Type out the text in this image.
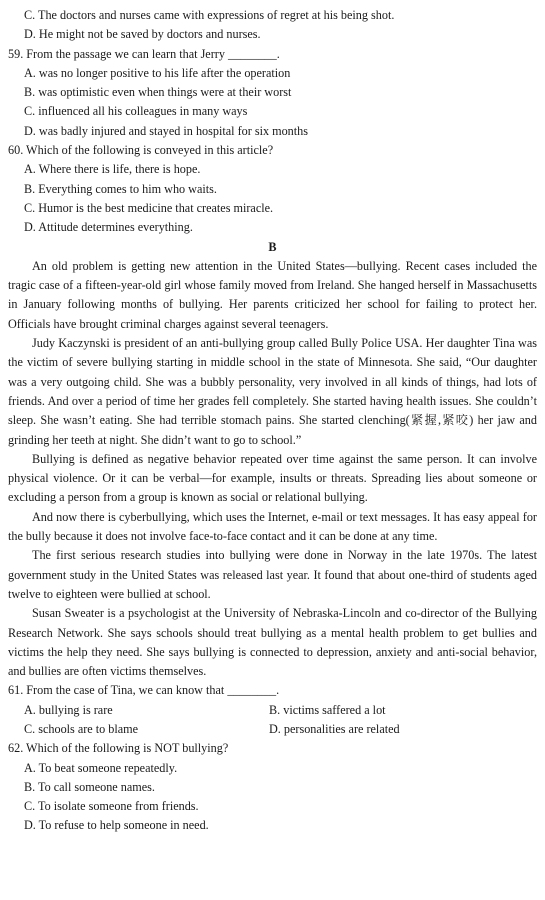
C. The doctors and nurses came with expressions of regret at his being shot.
D. He might not be saved by doctors and nurses.
59. From the passage we can learn that Jerry ________.
A. was no longer positive to his life after the operation
B. was optimistic even when things were at their worst
C. influenced all his colleagues in many ways
D. was badly injured and stayed in hospital for six months
60. Which of the following is conveyed in this article?
A. Where there is life, there is hope.
B. Everything comes to him who waits.
C. Humor is the best medicine that creates miracle.
D. Attitude determines everything.
B

An old problem is getting new attention in the United States—bullying. Recent cases included the tragic case of a fifteen-year-old girl whose family moved from Ireland. She hanged herself in Massachusetts in January following months of bullying. Her parents criticized her school for failing to protect her. Officials have brought criminal charges against several teenagers.

Judy Kaczynski is president of an anti-bullying group called Bully Police USA. Her daughter Tina was the victim of severe bullying starting in middle school in the state of Minnesota. She said, “Our daughter was a very outgoing child. She was a bubbly personality, very involved in all kinds of things, had lots of friends. And over a period of time her grades fell completely. She started having health issues. She couldn’t sleep. She wasn’t eating. She had terrible stomach pains. She started clenching(紧握,紧咬) her jaw and grinding her teeth at night. She didn’t want to go to school.”

Bullying is defined as negative behavior repeated over time against the same person. It can involve physical violence. Or it can be verbal—for example, insults or threats. Spreading lies about someone or excluding a person from a group is known as social or relational bullying.

And now there is cyberbullying, which uses the Internet, e-mail or text messages. It has easy appeal for the bully because it does not involve face-to-face contact and it can be done at any time.

The first serious research studies into bullying were done in Norway in the late 1970s. The latest government study in the United States was released last year. It found that about one-third of students aged twelve to eighteen were bullied at school.

Susan Sweater is a psychologist at the University of Nebraska-Lincoln and co-director of the Bullying Research Network. She says schools should treat bullying as a mental health problem to get bullies and victims the help they need. She says bullying is connected to depression, anxiety and anti-social behavior, and bullies are often victims themselves.

61. From the case of Tina, we can know that ________.
A. bullying is rare	B. victims saffered a lot
C. schools are to blame	D. personalities are related
62. Which of the following is NOT bullying?
A. To beat someone repeatedly.
B. To call someone names.
C. To isolate someone from friends.
D. To refuse to help someone in need.
